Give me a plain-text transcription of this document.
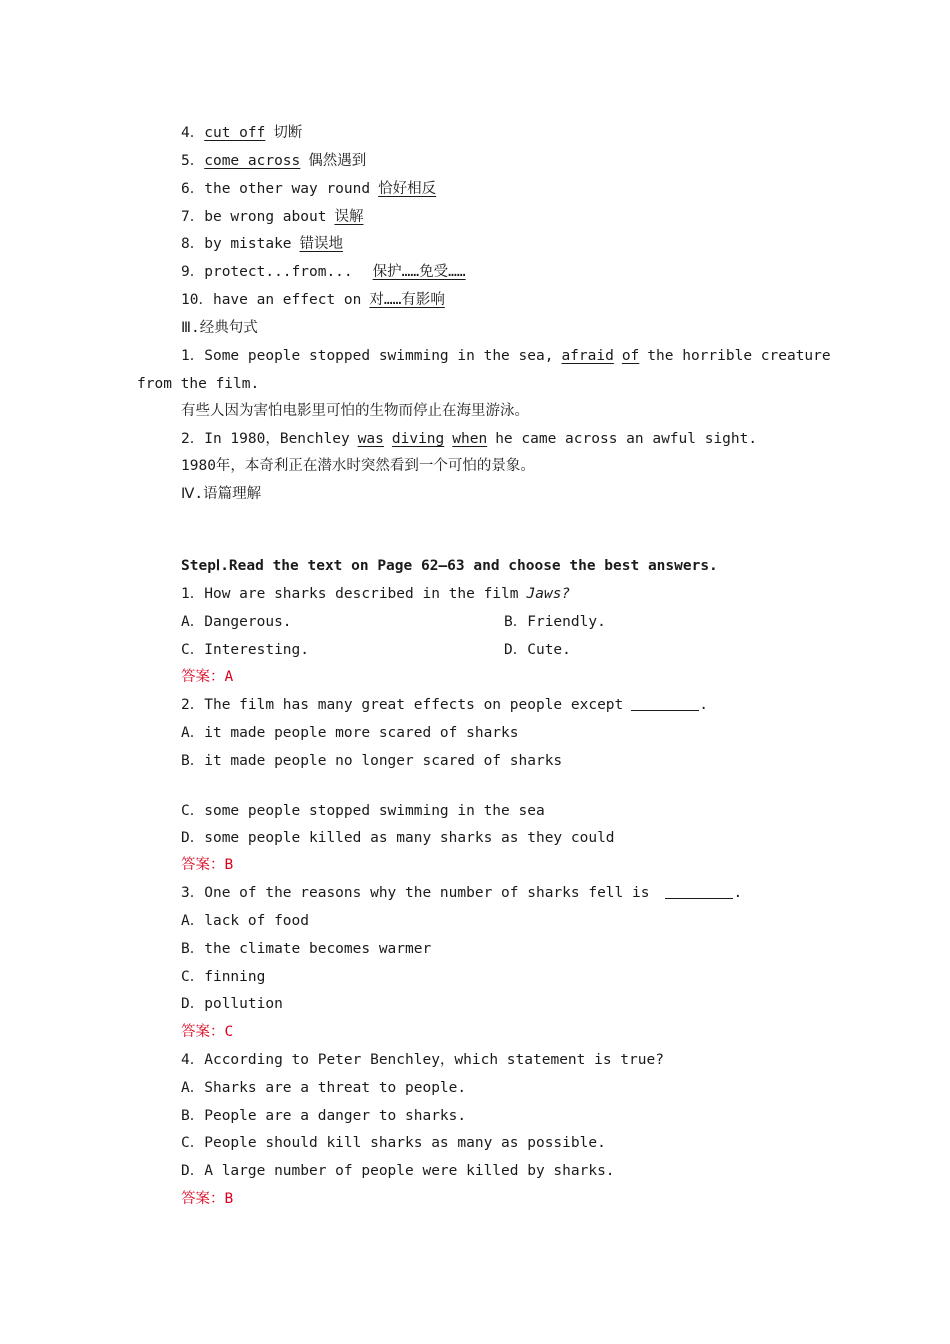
4．cut off 切断
5．come across 偶然遇到
6．the other way round 恰好相反
7．be wrong about 误解
8．by mistake 错误地
9．protect...from... 保护……免受……
10．have an effect on 对……有影响
Ⅲ.经典句式
1．Some people stopped swimming in the sea, afraid of the horrible creature
from the film.
有些人因为害怕电影里可怕的生物而停止在海里游泳。
2．In 1980，Benchley was diving when he came across an awful sight.
1980年，本奇利正在潜水时突然看到一个可怕的景象。
Ⅳ.语篇理解
StepⅠ.Read the text on Page 62—63 and choose the best answers.
1．How are sharks described in the film Jaws?
A．Dangerous.	B．Friendly.
C．Interesting.	D．Cute.
答案：A
2．The film has many great effects on people except	.
A．it made people more scared of sharks
B．it made people no longer scared of sharks
C．some people stopped swimming in the sea
D．some people killed as many sharks as they could
答案：B
3．One of the reasons why the number of sharks fell is	.
A．lack of food
B．the climate becomes warmer
C．finning
D．pollution
答案：C
4．According to Peter Benchley，which statement is true?
A．Sharks are a threat to people.
B．People are a danger to sharks.
C．People should kill sharks as many as possible.
D．A large number of people were killed by sharks.
答案：B
